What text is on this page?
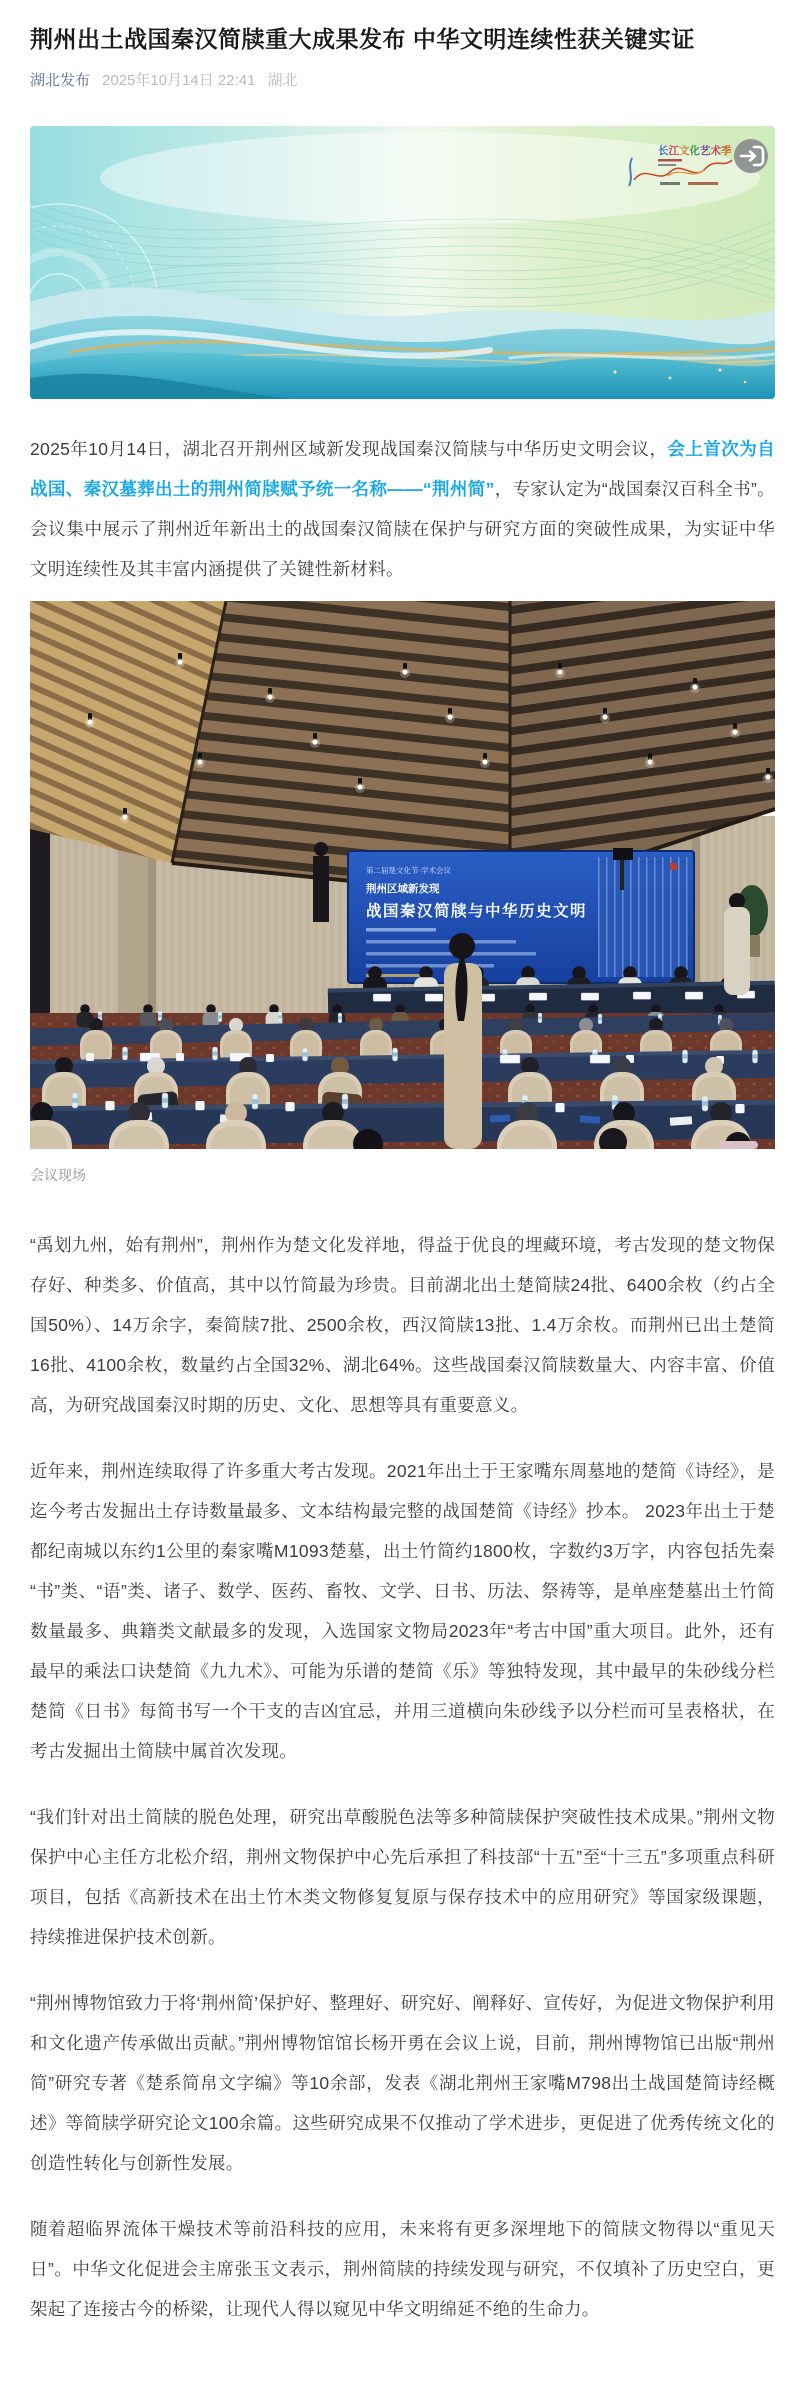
荆州出土战国秦汉简牍重大成果发布 中华文明连续性获关键实证
湖北发布 2025年10月14日 22:41 湖北
长江文化艺术季

2025年10月14日，湖北召开荆州区域新发现战国秦汉简牍与中华历史文明会议，会上首次为自战国、秦汉墓葬出土的荆州简牍赋予统一名称——“荆州简”，专家认定为“战国秦汉百科全书”。会议集中展示了荆州近年新出土的战国秦汉简牍在保护与研究方面的突破性成果，为实证中华文明连续性及其丰富内涵提供了关键性新材料。

第二届楚文化节·学术会议
荆州区域新发现
战国秦汉简牍与中华历史文明
会议现场

“禹划九州，始有荆州”，荆州作为楚文化发祥地，得益于优良的埋藏环境，考古发现的楚文物保存好、种类多、价值高，其中以竹简最为珍贵。目前湖北出土楚简牍24批、6400余枚（约占全国50%）、14万余字，秦简牍7批、2500余枚，西汉简牍13批、1.4万余枚。而荆州已出土楚简16批、4100余枚，数量约占全国32%、湖北64%。这些战国秦汉简牍数量大、内容丰富、价值高，为研究战国秦汉时期的历史、文化、思想等具有重要意义。

近年来，荆州连续取得了许多重大考古发现。2021年出土于王家嘴东周墓地的楚简《诗经》，是迄今考古发掘出土存诗数量最多、文本结构最完整的战国楚简《诗经》抄本。 2023年出土于楚都纪南城以东约1公里的秦家嘴M1093楚墓，出土竹简约1800枚，字数约3万字，内容包括先秦“书”类、“语”类、诸子、数学、医药、畜牧、文学、日书、历法、祭祷等，是单座楚墓出土竹简数量最多、典籍类文献最多的发现，入选国家文物局2023年“考古中国”重大项目。此外，还有最早的乘法口诀楚简《九九术》、可能为乐谱的楚简《乐》等独特发现，其中最早的朱砂线分栏楚简《日书》每简书写一个干支的吉凶宜忌，并用三道横向朱砂线予以分栏而可呈表格状，在考古发掘出土简牍中属首次发现。

“我们针对出土简牍的脱色处理，研究出草酸脱色法等多种简牍保护突破性技术成果。”荆州文物保护中心主任方北松介绍，荆州文物保护中心先后承担了科技部“十五”至“十三五”多项重点科研项目，包括《高新技术在出土竹木类文物修复复原与保存技术中的应用研究》等国家级课题，持续推进保护技术创新。

“荆州博物馆致力于将‘荆州简’保护好、整理好、研究好、阐释好、宣传好，为促进文物保护利用和文化遗产传承做出贡献。”荆州博物馆馆长杨开勇在会议上说，目前，荆州博物馆已出版“荆州简”研究专著《楚系简帛文字编》等10余部，发表《湖北荆州王家嘴M798出土战国楚简诗经概述》等简牍学研究论文100余篇。这些研究成果不仅推动了学术进步，更促进了优秀传统文化的创造性转化与创新性发展。

随着超临界流体干燥技术等前沿科技的应用，未来将有更多深埋地下的简牍文物得以“重见天日”。中华文化促进会主席张玉文表示，荆州简牍的持续发现与研究，不仅填补了历史空白，更架起了连接古今的桥梁，让现代人得以窥见中华文明绵延不绝的生命力。
